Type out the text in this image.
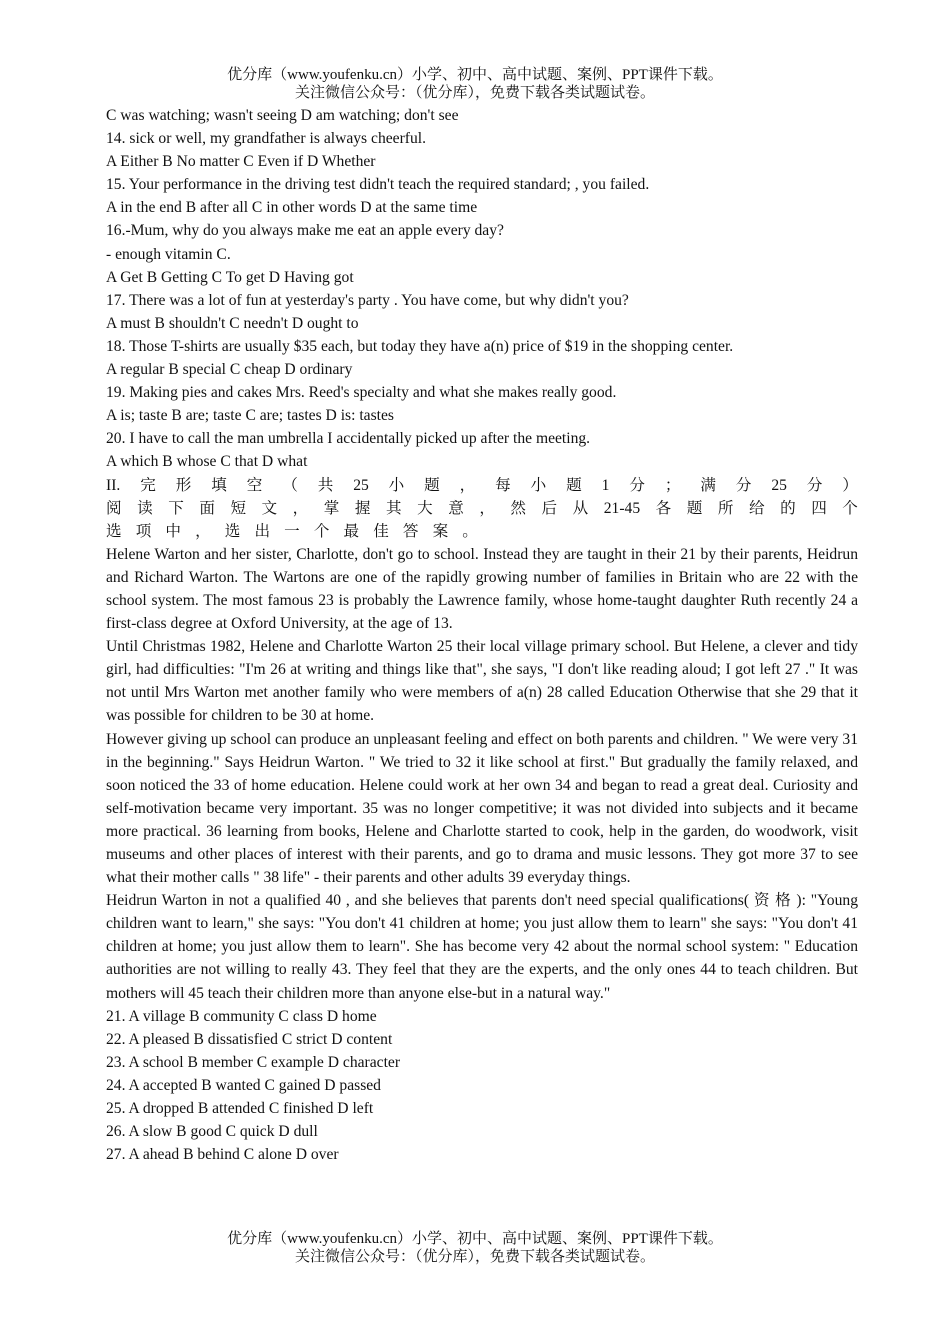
优分库（www.youfenku.cn）小学、初中、高中试题、案例、PPT课件下载。
关注微信公众号：（优分库），免费下载各类试题试卷。
C was watching; wasn't seeing D am watching; don't see
14. sick or well, my grandfather is always cheerful.
A Either B No matter C Even if D Whether
15. Your performance in the driving test didn't teach the required standard; , you failed.
A in the end B after all C in other words D at the same time
16.-Mum, why do you always make me eat an apple every day?
- enough vitamin C.
A Get B Getting C To get D Having got
17. There was a lot of fun at yesterday's party . You have come, but why didn't you?
A must B shouldn't C needn't D ought to
18. Those T-shirts are usually $35 each, but today they have a(n) price of $19 in the shopping center.
A regular B special C cheap D ordinary
19. Making pies and cakes Mrs. Reed's specialty and what she makes really good.
A is; taste B are; taste C are; tastes D is: tastes
20. I have to call the man umbrella I accidentally picked up after the meeting.
A which B whose C that D what
II. 完 形 填 空 （ 共 25 小 题 ， 每 小 题 1 分 ； 满 分 25 分 ）
阅 读 下 面 短 文 ， 掌 握 其 大 意 ， 然 后 从 21-45 各 题 所 给 的 四 个
选 项 中 ， 选 出 一 个 最 佳 答 案 。
Helene Warton and her sister, Charlotte, don't go to school. Instead they are taught in their 21 by their parents, Heidrun and Richard Warton. The Wartons are one of the rapidly growing number of families in Britain who are 22 with the school system. The most famous 23 is probably the Lawrence family, whose home-taught daughter Ruth recently 24 a first-class degree at Oxford University, at the age of 13.
Until Christmas 1982, Helene and Charlotte Warton 25 their local village primary school. But Helene, a clever and tidy girl, had difficulties: "I'm 26 at writing and things like that", she says, "I don't like reading aloud; I got left 27 ." It was not until Mrs Warton met another family who were members of a(n) 28 called Education Otherwise that she 29 that it was possible for children to be 30 at home.
However giving up school can produce an unpleasant feeling and effect on both parents and children. " We were very 31 in the beginning." Says Heidrun Warton. " We tried to 32 it like school at first." But gradually the family relaxed, and soon noticed the 33 of home education. Helene could work at her own 34 and began to read a great deal. Curiosity and self-motivation became very important. 35 was no longer competitive; it was not divided into subjects and it became more practical. 36 learning from books, Helene and Charlotte started to cook, help in the garden, do woodwork, visit museums and other places of interest with their parents, and go to drama and music lessons. They got more 37 to see what their mother calls " 38 life" - their parents and other adults 39 everyday things.
Heidrun Warton in not a qualified 40 , and she believes that parents don't need special qualifications( 资 格 ): "Young children want to learn," she says: "You don't 41 children at home; you just allow them to learn" she says: "You don't 41 children at home; you just allow them to learn". She has become very 42 about the normal school system: " Education authorities are not willing to really 43. They feel that they are the experts, and the only ones 44 to teach children. But mothers will 45 teach their children more than anyone else-but in a natural way."
21. A village B community C class D home
22. A pleased B dissatisfied C strict D content
23. A school B member C example D character
24. A accepted B wanted C gained D passed
25. A dropped B attended C finished D left
26. A slow B good C quick D dull
27. A ahead B behind C alone D over
优分库（www.youfenku.cn）小学、初中、高中试题、案例、PPT课件下载。
关注微信公众号：（优分库），免费下载各类试题试卷。
